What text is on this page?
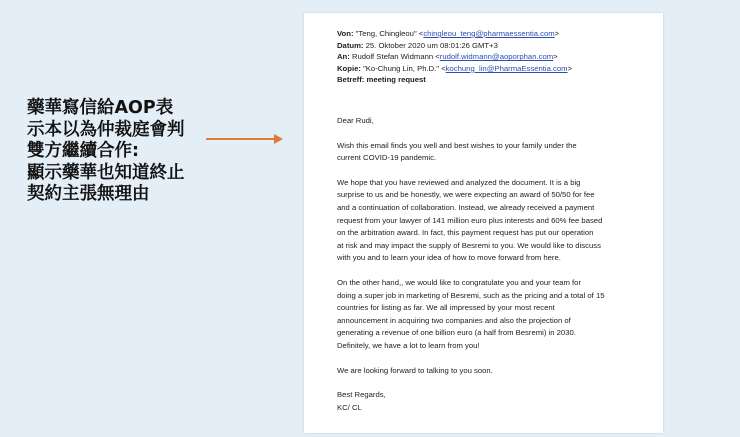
藥華寫信給AOP表
示本以為仲裁庭會判
雙方繼續合作:
顯示藥華也知道終止
契約主張無理由
Von: "Teng, Chingleou" <chingleou_teng@pharmaessentia.com>
Datum: 25. Oktober 2020 um 08:01:26 GMT+3
An: Rudolf Stefan Widmann <rudolf.widmann@aoporphan.com>
Kopie: "Ko-Chung Lin, Ph.D." <kochung_lin@PharmaEssentia.com>
Betreff: meeting request

Dear Rudi,

Wish this email finds you well and best wishes to your family under the
current COVID-19 pandemic.

We hope that you have reviewed and analyzed the document. It is a big
surprise to us and be honestly, we were expecting an award of 50/50 for fee
and a continuation of collaboration. Instead, we already received a payment
request from your lawyer of 141 million euro plus interests and 60% fee based
on the arbitration award. In fact, this payment request has put our operation
at risk and may impact the supply of Besremi to you. We would like to discuss
with you and to learn your idea of how to move forward from here.

On the other hand,, we would like to congratulate you and your team for
doing a super job in marketing of Besremi, such as the pricing and a total of 15
countries for listing as far. We all impressed by your most recent
announcement in acquiring two companies and also the projection of
generating a revenue of one billion euro (a half from Besremi) in 2030.
Definitely, we have a lot to learn from you!

We are looking forward to talking to you soon.

Best Regards,
KC/ CL
